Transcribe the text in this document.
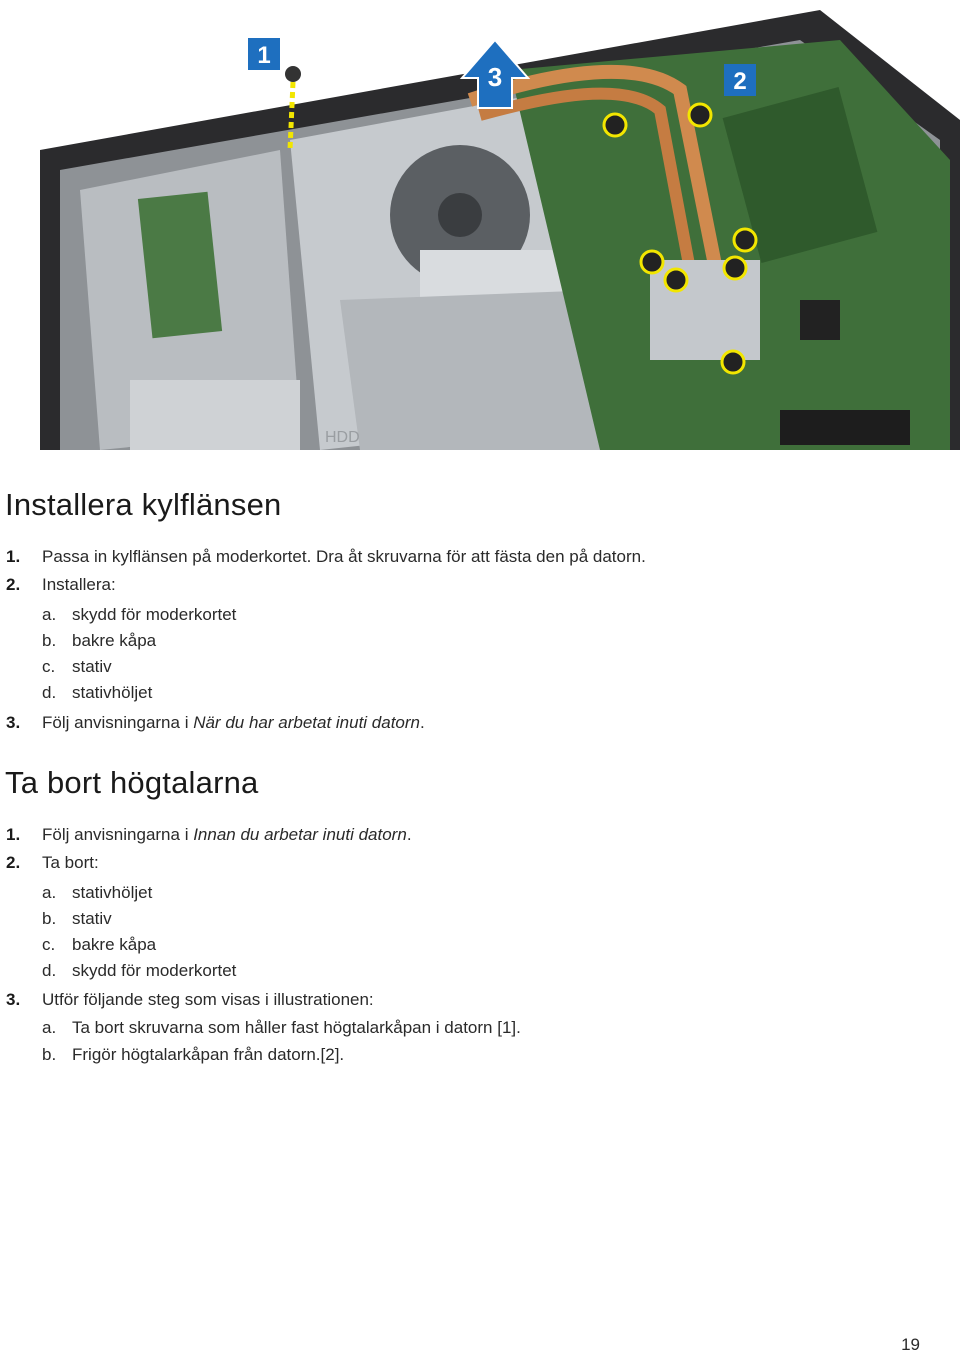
1
3	2
HDD
Installera kylflänsen
1. Passa in kylflänsen på moderkortet. Dra åt skruvarna för att fästa den på datorn.
2. Installera:
a. skydd för moderkortet
b. bakre kåpa
c. stativ
d. stativhöljet
3. Följ anvisningarna i När du har arbetat inuti datorn.
Ta bort högtalarna
1. Följ anvisningarna i Innan du arbetar inuti datorn.
2. Ta bort:
a. stativhöljet
b. stativ
c. bakre kåpa
d. skydd för moderkortet
3. Utför följande steg som visas i illustrationen:
a. Ta bort skruvarna som håller fast högtalarkåpan i datorn [1].
b. Frigör högtalarkåpan från datorn.[2].
19
